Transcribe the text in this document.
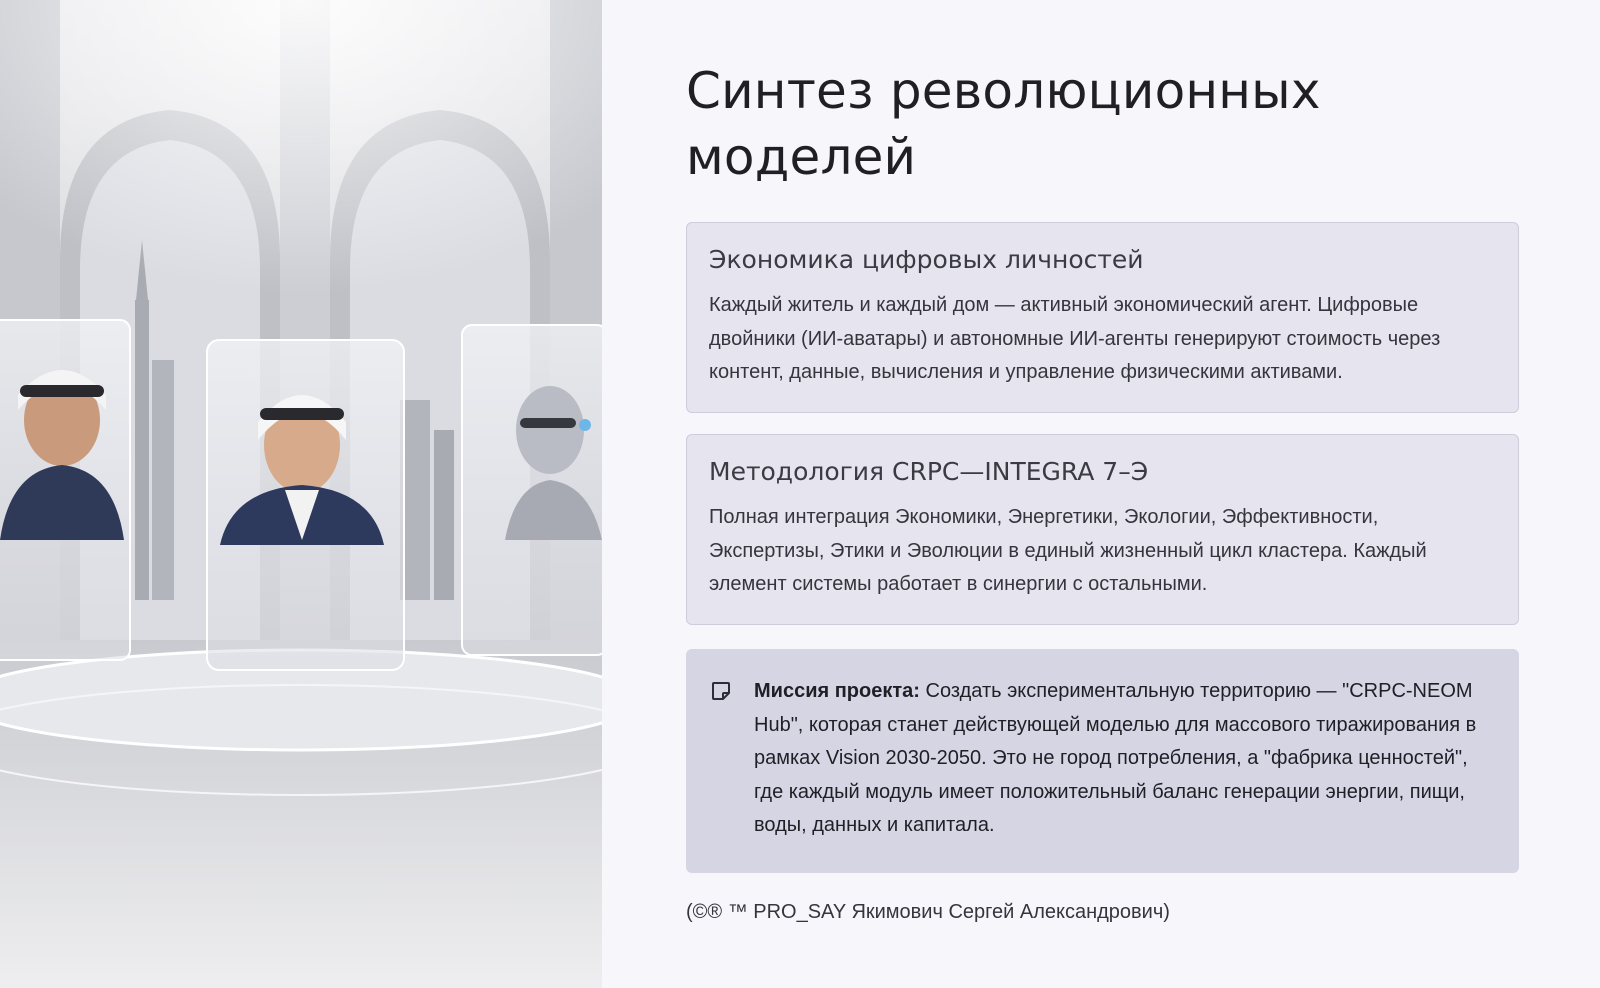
Синтез революционных моделей
Экономика цифровых личностей

Каждый житель и каждый дом — активный экономический агент. Цифровые двойники (ИИ-аватары) и автономные ИИ-агенты генерируют стоимость через контент, данные, вычисления и управление физическими активами.

Методология CRPC—INTEGRA 7–Э

Полная интеграция Экономики, Энергетики, Экологии, Эффективности, Экспертизы, Этики и Эволюции в единый жизненный цикл кластера. Каждый элемент системы работает в синергии с остальными.

Миссия проекта: Создать экспериментальную территорию — "CRPC-NEOM Hub", которая станет действующей моделью для массового тиражирования в рамках Vision 2030-2050. Это не город потребления, а "фабрика ценностей", где каждый модуль имеет положительный баланс генерации энергии, пищи, воды, данных и капитала.

(©® ™ PRO_SAY Якимович Сергей Александрович)
